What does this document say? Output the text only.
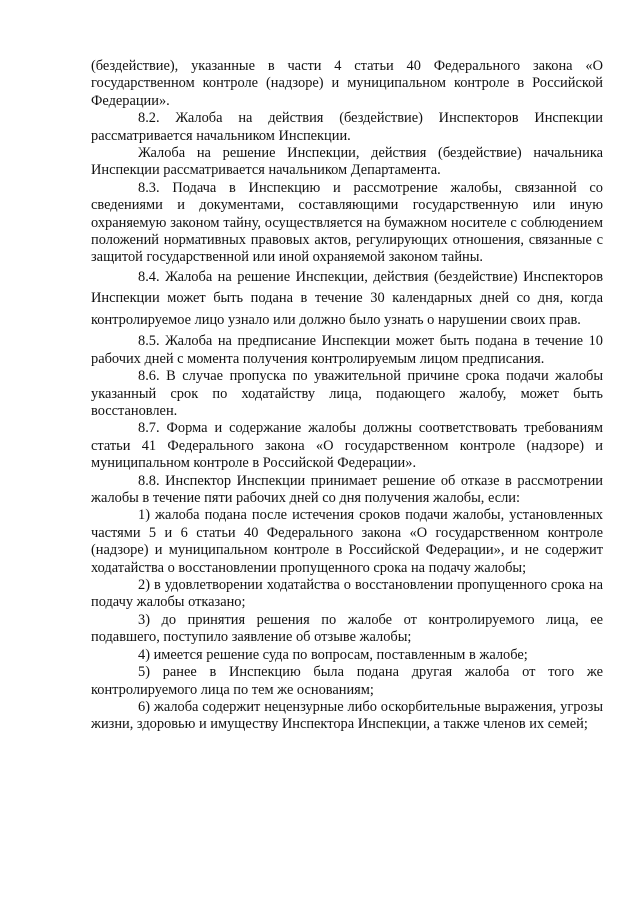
(бездействие), указанные в части 4 статьи 40 Федерального закона «О государственном контроле (надзоре) и муниципальном контроле в Российской Федерации».

8.2. Жалоба на действия (бездействие) Инспекторов Инспекции рассматривается начальником Инспекции.

Жалоба на решение Инспекции, действия (бездействие) начальника Инспекции рассматривается начальником Департамента.

8.3. Подача в Инспекцию и рассмотрение жалобы, связанной со сведениями и документами, составляющими государственную или иную охраняемую законом тайну, осуществляется на бумажном носителе с соблюдением положений нормативных правовых актов, регулирующих отношения, связанные с защитой государственной или иной охраняемой законом тайны.

8.4. Жалоба на решение Инспекции, действия (бездействие) Инспекторов Инспекции может быть подана в течение 30 календарных дней со дня, когда контролируемое лицо узнало или должно было узнать о нарушении своих прав.

8.5. Жалоба на предписание Инспекции может быть подана в течение 10 рабочих дней с момента получения контролируемым лицом предписания.

8.6. В случае пропуска по уважительной причине срока подачи жалобы указанный срок по ходатайству лица, подающего жалобу, может быть восстановлен.

8.7. Форма и содержание жалобы должны соответствовать требованиям статьи 41 Федерального закона «О государственном контроле (надзоре) и муниципальном контроле в Российской Федерации».

8.8. Инспектор Инспекции принимает решение об отказе в рассмотрении жалобы в течение пяти рабочих дней со дня получения жалобы, если:

1) жалоба подана после истечения сроков подачи жалобы, установленных частями 5 и 6 статьи 40 Федерального закона «О государственном контроле (надзоре) и муниципальном контроле в Российской Федерации», и не содержит ходатайства о восстановлении пропущенного срока на подачу жалобы;

2) в удовлетворении ходатайства о восстановлении пропущенного срока на подачу жалобы отказано;

3) до принятия решения по жалобе от контролируемого лица, ее подавшего, поступило заявление об отзыве жалобы;

4) имеется решение суда по вопросам, поставленным в жалобе;

5) ранее в Инспекцию была подана другая жалоба от того же контролируемого лица по тем же основаниям;

6) жалоба содержит нецензурные либо оскорбительные выражения, угрозы жизни, здоровью и имуществу Инспектора Инспекции, а также членов их семей;
